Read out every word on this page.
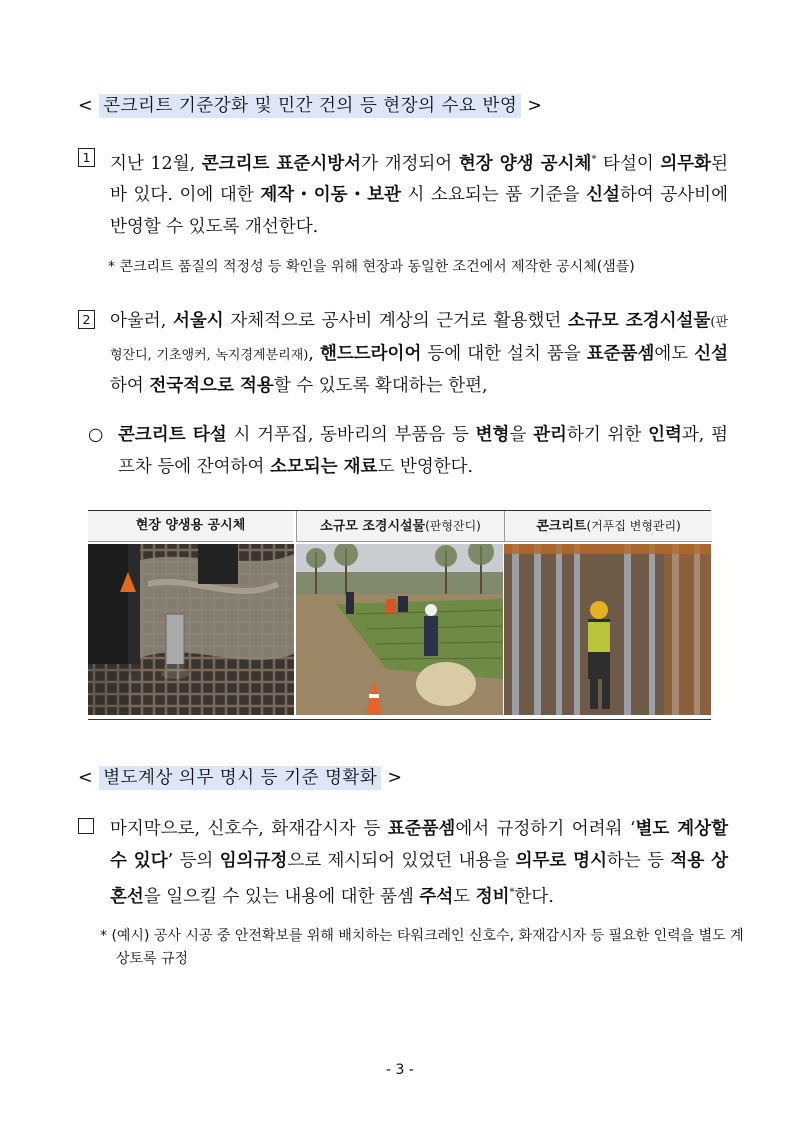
< 콘크리트 기준강화 및 민간 건의 등 현장의 수요 반영 >
1 지난 12월, 콘크리트 표준시방서가 개정되어 현장 양생 공시체* 타설이 의무화된 바 있다. 이에 대한 제작・이동・보관 시 소요되는 품 기준을 신설하여 공사비에 반영할 수 있도록 개선한다.
* 콘크리트 품질의 적정성 등 확인을 위해 현장과 동일한 조건에서 제작한 공시체(샘플)
2 아울러, 서울시 자체적으로 공사비 계상의 근거로 활용했던 소규모 조경시설물(판형잔디, 기초앵커, 녹지경계분리재), 핸드드라이어 등에 대한 설치 품을 표준품셈에도 신설하여 전국적으로 적용할 수 있도록 확대하는 한편,
○ 콘크리트 타설 시 거푸집, 동바리의 부품음 등 변형을 관리하기 위한 인력과, 펌프차 등에 잔여하여 소모되는 재료도 반영한다.
현장 양생용 공시체	소규모 조경시설물(판형잔디)	콘크리트(거푸집 변형관리)
< 별도계상 의무 명시 등 기준 명확화 >
마지막으로, 신호수, 화재감시자 등 표준품셈에서 규정하기 어려워 ‘별도 계상할 수 있다’ 등의 임의규정으로 제시되어 있었던 내용을 의무로 명시하는 등 적용 상 혼선을 일으킬 수 있는 내용에 대한 품셈 주석도 정비*한다.
* (예시) 공사 시공 중 안전확보를 위해 배치하는 타워크레인 신호수, 화재감시자 등 필요한 인력을 별도 계상토록 규정
- 3 -
